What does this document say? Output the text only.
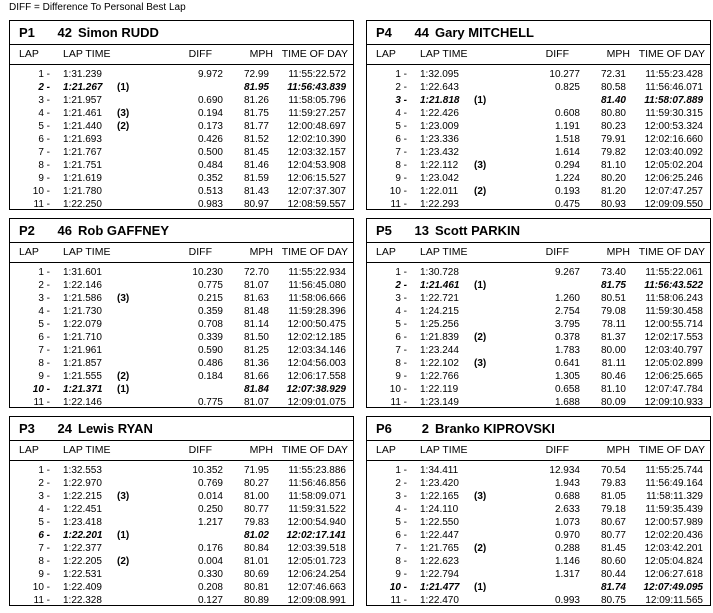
DIFF = Difference To Personal Best Lap
P1	42 Simon RUDD
LAP LAP TIME	DIFF	MPH TIME OF DAY
1 - 1:31.239	9.972 72.99 11:55:22.572
2 - 1:21.267 (1)	81.95 11:56:43.839
3 - 1:21.957	0.690 81.26 11:58:05.796
4 - 1:21.461 (3)	0.194 81.75 11:59:27.257
5 - 1:21.440 (2)	0.173 81.77 12:00:48.697
6 - 1:21.693	0.426 81.52 12:02:10.390
7 - 1:21.767	0.500 81.45 12:03:32.157
8 - 1:21.751	0.484 81.46 12:04:53.908
9 - 1:21.619	0.352 81.59 12:06:15.527
10 - 1:21.780	0.513 81.43 12:07:37.307
11 - 1:22.250	0.983 80.97 12:08:59.557
P4	44 Gary MITCHELL
LAP LAP TIME	DIFF	MPH TIME OF DAY
1 - 1:32.095	10.277 72.31 11:55:23.428
2 - 1:22.643	0.825 80.58 11:56:46.071
3 - 1:21.818 (1)	81.40 11:58:07.889
4 - 1:22.426	0.608 80.80 11:59:30.315
5 - 1:23.009	1.191 80.23 12:00:53.324
6 - 1:23.336	1.518 79.91 12:02:16.660
7 - 1:23.432	1.614 79.82 12:03:40.092
8 - 1:22.112 (3)	0.294 81.10 12:05:02.204
9 - 1:23.042	1.224 80.20 12:06:25.246
10 - 1:22.011 (2)	0.193 81.20 12:07:47.257
11 - 1:22.293	0.475 80.93 12:09:09.550
P2	46 Rob GAFFNEY
LAP LAP TIME	DIFF	MPH TIME OF DAY
1 - 1:31.601	10.230 72.70 11:55:22.934
2 - 1:22.146	0.775 81.07 11:56:45.080
3 - 1:21.586 (3)	0.215 81.63 11:58:06.666
4 - 1:21.730	0.359 81.48 11:59:28.396
5 - 1:22.079	0.708 81.14 12:00:50.475
6 - 1:21.710	0.339 81.50 12:02:12.185
7 - 1:21.961	0.590 81.25 12:03:34.146
8 - 1:21.857	0.486 81.36 12:04:56.003
9 - 1:21.555 (2)	0.184 81.66 12:06:17.558
10 - 1:21.371 (1)	81.84 12:07:38.929
11 - 1:22.146	0.775 81.07 12:09:01.075
P5	13 Scott PARKIN
LAP LAP TIME	DIFF	MPH TIME OF DAY
1 - 1:30.728	9.267 73.40 11:55:22.061
2 - 1:21.461 (1)	81.75 11:56:43.522
3 - 1:22.721	1.260 80.51 11:58:06.243
4 - 1:24.215	2.754 79.08 11:59:30.458
5 - 1:25.256	3.795 78.11 12:00:55.714
6 - 1:21.839 (2)	0.378 81.37 12:02:17.553
7 - 1:23.244	1.783 80.00 12:03:40.797
8 - 1:22.102 (3)	0.641 81.11 12:05:02.899
9 - 1:22.766	1.305 80.46 12:06:25.665
10 - 1:22.119	0.658 81.10 12:07:47.784
11 - 1:23.149	1.688 80.09 12:09:10.933
P3	24 Lewis RYAN
LAP LAP TIME	DIFF	MPH TIME OF DAY
1 - 1:32.553	10.352 71.95 11:55:23.886
2 - 1:22.970	0.769 80.27 11:56:46.856
3 - 1:22.215 (3)	0.014 81.00 11:58:09.071
4 - 1:22.451	0.250 80.77 11:59:31.522
5 - 1:23.418	1.217 79.83 12:00:54.940
6 - 1:22.201 (1)	81.02 12:02:17.141
7 - 1:22.377	0.176 80.84 12:03:39.518
8 - 1:22.205 (2)	0.004 81.01 12:05:01.723
9 - 1:22.531	0.330 80.69 12:06:24.254
10 - 1:22.409	0.208 80.81 12:07:46.663
11 - 1:22.328	0.127 80.89 12:09:08.991
P6	2 Branko KIPROVSKI
LAP LAP TIME	DIFF	MPH TIME OF DAY
1 - 1:34.411	12.934 70.54 11:55:25.744
2 - 1:23.420	1.943 79.83 11:56:49.164
3 - 1:22.165 (3)	0.688 81.05 11:58:11.329
4 - 1:24.110	2.633 79.18 11:59:35.439
5 - 1:22.550	1.073 80.67 12:00:57.989
6 - 1:22.447	0.970 80.77 12:02:20.436
7 - 1:21.765 (2)	0.288 81.45 12:03:42.201
8 - 1:22.623	1.146 80.60 12:05:04.824
9 - 1:22.794	1.317 80.44 12:06:27.618
10 - 1:21.477 (1)	81.74 12:07:49.095
11 - 1:22.470	0.993 80.75 12:09:11.565
